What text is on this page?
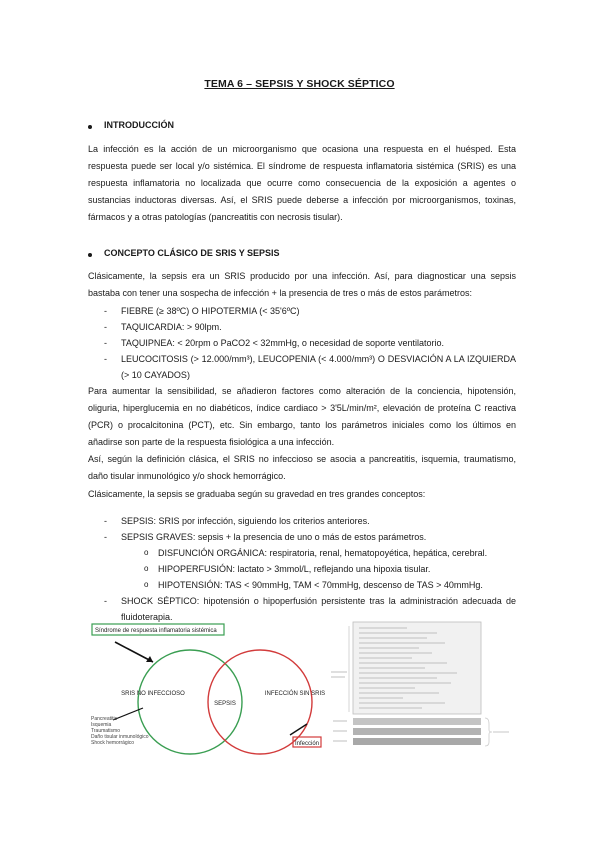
TEMA 6 – SEPSIS Y SHOCK SÉPTICO
INTRODUCCIÓN

La infección es la acción de un microorganismo que ocasiona una respuesta en el huésped. Esta respuesta puede ser local y/o sistémica. El síndrome de respuesta inflamatoria sistémica (SRIS) es una respuesta inflamatoria no localizada que ocurre como consecuencia de la exposición a agentes o sustancias inductoras diversas. Así, el SRIS puede deberse a infección por microorganismos, toxinas, fármacos y a otras patologías (pancreatitis con necrosis tisular).

CONCEPTO CLÁSICO DE SRIS Y SEPSIS

Clásicamente, la sepsis era un SRIS producido por una infección. Así, para diagnosticar una sepsis bastaba con tener una sospecha de infección + la presencia de tres o más de estos parámetros:

- FIEBRE (≥ 38ºC) O HIPOTERMIA (< 35'6ºC)

- TAQUICARDIA: > 90lpm.

- TAQUIPNEA: < 20rpm o PaCO2 < 32mmHg, o necesidad de soporte ventilatorio.

- LEUCOCITOSIS (> 12.000/mm³), LEUCOPENIA (< 4.000/mm³) O DESVIACIÓN A LA IZQUIERDA (> 10 CAYADOS)

Para aumentar la sensibilidad, se añadieron factores como alteración de la conciencia, hipotensión, oliguria, hiperglucemia en no diabéticos, índice cardiaco > 3'5L/min/m², elevación de proteína C reactiva (PCR) o procalcitonina (PCT), etc. Sin embargo, tanto los parámetros iniciales como los últimos en añadirse son parte de la respuesta fisiológica a una infección.

Así, según la definición clásica, el SRIS no infeccioso se asocia a pancreatitis, isquemia, traumatismo, daño tisular inmunológico y/o shock hemorrágico.

Clásicamente, la sepsis se graduaba según su gravedad en tres grandes conceptos:

- SEPSIS: SRIS por infección, siguiendo los criterios anteriores.

- SEPSIS GRAVES: sepsis + la presencia de uno o más de estos parámetros.

o DISFUNCIÓN ORGÁNICA: respiratoria, renal, hematopoyética, hepática, cerebral.

o HIPOPERFUSIÓN: lactato > 3mmol/L, reflejando una hipoxia tisular.

o HIPOTENSIÓN: TAS < 90mmHg, TAM < 70mmHg, descenso de TAS > 40mmHg.

- SHOCK SÉPTICO: hipotensión o hipoperfusión persistente tras la administración adecuada de fluidoterapia.

Síndrome de respuesta inflamatoria sistémica
SRIS NO INFECCIOSO
SEPSIS
INFECCIÓN SIN SRIS
Pancreatitis
Isquemia
Traumatismo
Daño tisular inmunológico
Shock hemorrágico	Infección
